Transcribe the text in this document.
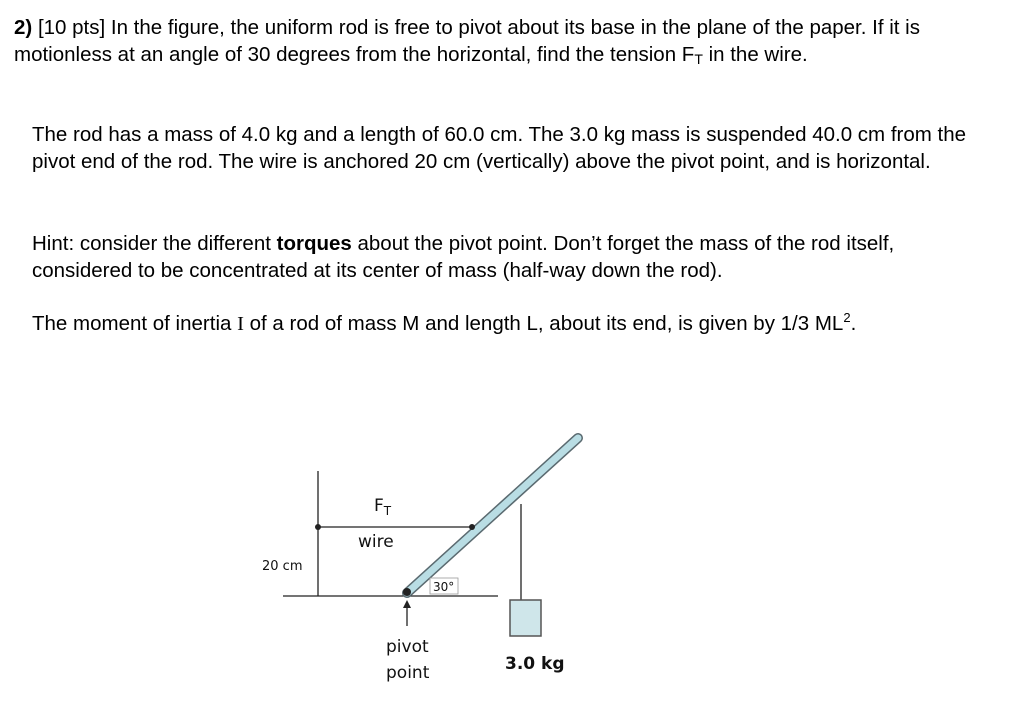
2) [10 pts] In the figure, the uniform rod is free to pivot about its base in the plane of the paper. If it is motionless at an angle of 30 degrees from the horizontal, find the tension $F_T$ in the wire.
The rod has a mass of 4.0 kg and a length of 60.0 cm. The 3.0 kg mass is suspended 40.0 cm from the pivot end of the rod. The wire is anchored 20 cm (vertically) above the pivot point, and is horizontal.
Hint: consider the different torques about the pivot point. Don’t forget the mass of the rod itself, considered to be concentrated at its center of mass (half-way down the rod).
The moment of inertia I of a rod of mass M and length L, about its end, is given by 1/3 $ML^2$.
30°
$F_T$
wire
20 cm
pivot
point	3.0 kg
